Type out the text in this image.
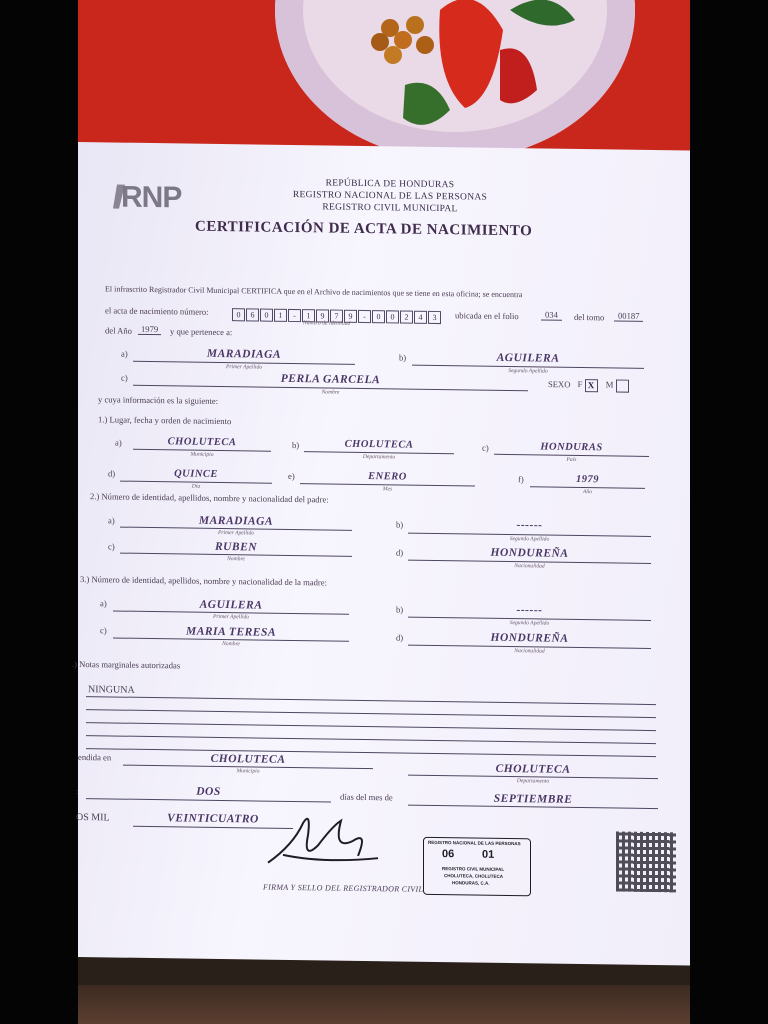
RNP	REPÚBLICA DE HONDURAS
REGISTRO NACIONAL DE LAS PERSONAS
REGISTRO CIVIL MUNICIPAL
CERTIFICACIÓN DE ACTA DE NACIMIENTO
El infrascrito Registrador Civil Municipal CERTIFICA que en el Archivo de nacimientos que se tiene en esta oficina; se encuentra
el acta de nacimiento número:	0 6 0 1 - 1 9 7 9 - 0 0 2 4 3
Número de Identidad
ubicada en el folio	034	del tomo	00187
del Año	1979	y que pertenece a:
a)	MARADIAGA
Primer Apellido
b)	AGUILERA
Segundo Apellido
c)	PERLA GARCELA
Nombre
SEXO F X M
y cuya información es la siguiente:
1.) Lugar, fecha y orden de nacimiento
a)	CHOLUTECA
Municipio
b)	CHOLUTECA
Departamento
c)	HONDURAS
País
d)	QUINCE
Día
e)	ENERO
Mes
f)	1979
Año
2.) Número de identidad, apellidos, nombre y nacionalidad del padre:
a)	MARADIAGA
Primer Apellido
b)	------
Segundo Apellido
c)	RUBEN
Nombre
d)	HONDUREÑA
Nacionalidad
3.) Número de identidad, apellidos, nombre y nacionalidad de la madre:
a)	AGUILERA
Primer Apellido
b)	------
Segundo Apellido
c)	MARIA TERESA
Nombre
d)	HONDUREÑA
Nacionalidad
.) Notas marginales autorizadas
NINGUNA
endida en	CHOLUTECA
Municipio	CHOLUTECA
Departamento
:	DOS	días del mes de	SEPTIEMBRE
OS MIL	VEINTICUATRO
FIRMA Y SELLO DEL REGISTRADOR CIVIL
REGISTRO NACIONAL DE LAS PERSONAS
06	01
REGISTRO CIVIL MUNICIPAL
CHOLUTECA, CHOLUTECA
HONDURAS, C.A.
